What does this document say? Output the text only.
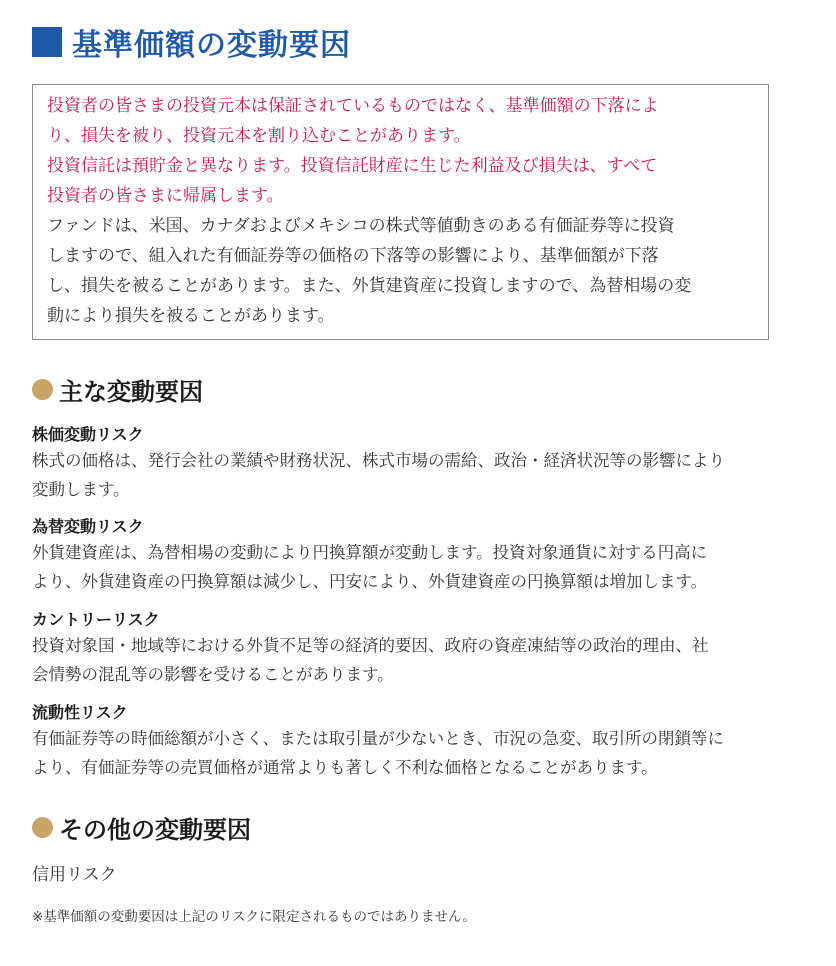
基準価額の変動要因
投資者の皆さまの投資元本は保証されているものではなく、基準価額の下落によ
り、損失を被り、投資元本を割り込むことがあります。
投資信託は預貯金と異なります。投資信託財産に生じた利益及び損失は、すべて
投資者の皆さまに帰属します。
ファンドは、米国、カナダおよびメキシコの株式等値動きのある有価証券等に投資
しますので、組入れた有価証券等の価格の下落等の影響により、基準価額が下落
し、損失を被ることがあります。また、外貨建資産に投資しますので、為替相場の変
動により損失を被ることがあります。
主な変動要因
株価変動リスク
株式の価格は、発行会社の業績や財務状況、株式市場の需給、政治・経済状況等の影響により
変動します。
為替変動リスク
外貨建資産は、為替相場の変動により円換算額が変動します。投資対象通貨に対する円高に
より、外貨建資産の円換算額は減少し、円安により、外貨建資産の円換算額は増加します。
カントリーリスク
投資対象国・地域等における外貨不足等の経済的要因、政府の資産凍結等の政治的理由、社
会情勢の混乱等の影響を受けることがあります。
流動性リスク
有価証券等の時価総額が小さく、または取引量が少ないとき、市況の急変、取引所の閉鎖等に
より、有価証券等の売買価格が通常よりも著しく不利な価格となることがあります。
その他の変動要因
信用リスク
※基準価額の変動要因は上記のリスクに限定されるものではありません。
